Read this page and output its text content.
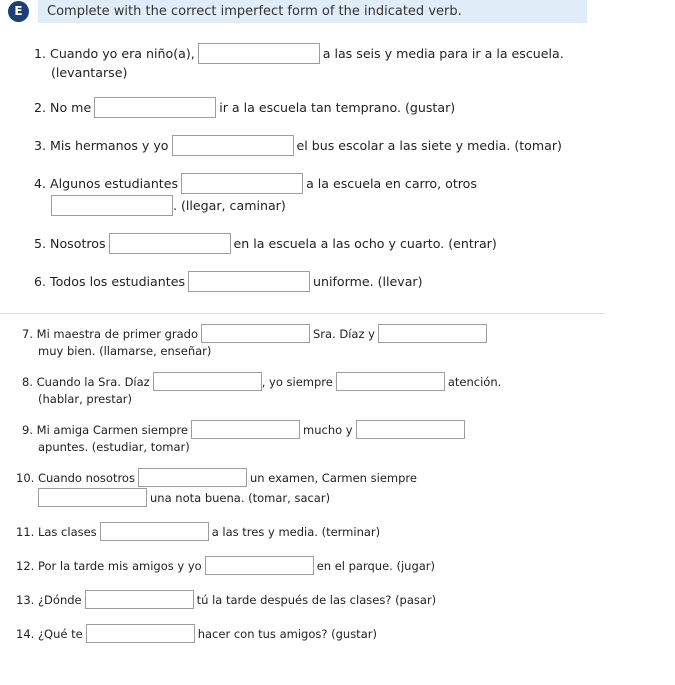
E	Complete with the correct imperfect form of the indicated verb.
1.
Cuando yo era niño(a),	a las seis y media para ir a la escuela.
(levantarse)
2.
No me	ir a la escuela tan temprano. (gustar)
3.
Mis hermanos y yo	el bus escolar a las siete y media. (tomar)
4.
Algunos estudiantes	a la escuela en carro, otros
. (llegar, caminar)
5.
Nosotros	en la escuela a las ocho y cuarto. (entrar)
6.
Todos los estudiantes	uniforme. (llevar)
7.
Mi maestra de primer grado	Sra. Díaz y
muy bien. (llamarse, enseñar)
8.
Cuando la Sra. Díaz	, yo siempre	atención.
(hablar, prestar)
9.
Mi amiga Carmen siempre	mucho y
apuntes. (estudiar, tomar)
10.
Cuando nosotros	un examen, Carmen siempre
una nota buena. (tomar, sacar)
11.
Las clases	a las tres y media. (terminar)
12.
Por la tarde mis amigos y yo	en el parque. (jugar)
13.
¿Dónde	tú la tarde después de las clases? (pasar)
14.
¿Qué te	hacer con tus amigos? (gustar)
